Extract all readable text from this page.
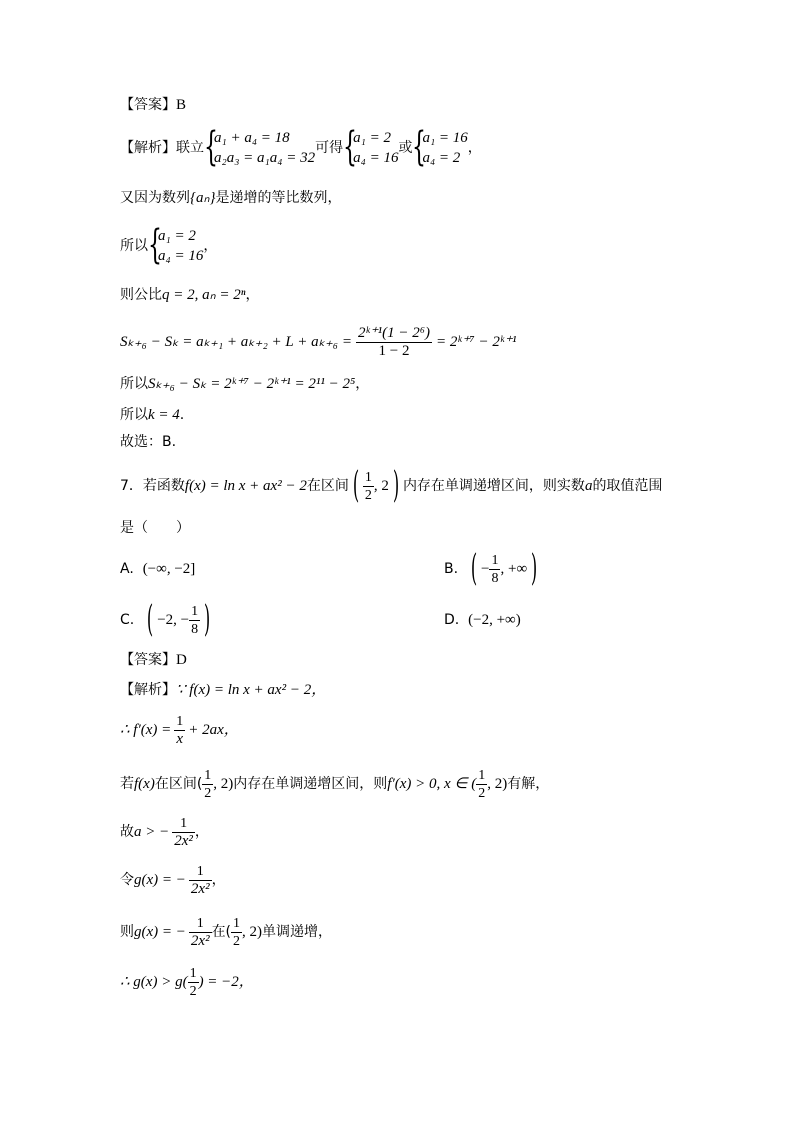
【答案】B
【解析】联立 {
a₁ + a₄ = 18
a₂a₃ = a₁a₄ = 32
可得 {
a₁ = 2
a₄ = 16
或 {
a₁ = 16
a₄ = 2
，
又因为数列{aₙ}是递增的等比数列，
所以 {
a₁ = 2
a₄ = 16
，
则公比q = 2, aₙ = 2ⁿ，
$S_{k+6} - S_k = a_{k+1} + a_{k+2} + L + a_{k+6} = \frac{\text{2ᵏ⁺¹(1 − 2⁶)}}{1 - 2}$ = 2ᵏ⁺⁷ − 2ᵏ⁺¹
所以Sₖ₊₆ − Sₖ = 2ᵏ⁺⁷ − 2ᵏ⁺¹ = 2¹¹ − 2⁵，
所以k = 4.
故选：B.
7．若函数f(x) = ln x + ax² − 2在区间 ( $\frac{1}{2}$ , 2 ) 内存在单调递增区间，则实数a的取值范围
是（　　）
A. (−∞, −2]	B. ( − $\frac{1}{8}$ , +∞ )
C. ( −2, − $\frac{1}{8}$ )	D. (−2, +∞)
【答案】D
【解析】∵ f(x) = ln x + ax² − 2，
∴ $f'(x) = \frac{1}{x} + 2ax$，
若f(x)在区间( $\frac{1}{2}$ , 2)内存在单调递增区间，则f′(x) > 0, x ∈ ( $\frac{1}{2}$ , 2)有解，
故a > − $\frac{1}{\text{2x²}}$ ，
令g(x) = − $\frac{1}{\text{2x²}}$ ，
则g(x) = − $\frac{1}{\text{2x²}}$ 在( $\frac{1}{2}$ , 2)单调递增，
∴ $g(x) > g( \frac{1}{2}$ ) = −2，
